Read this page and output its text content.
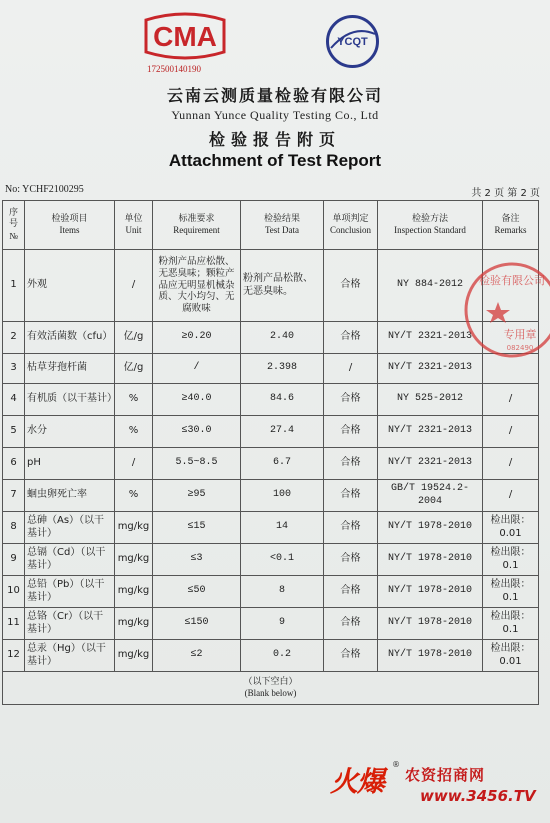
CMA
172500140190
YCQT
云南云测质量检验有限公司
Yunnan Yunce Quality Testing Co., Ltd
检验报告附页
Attachment of Test Report
No: YCHF2100295	共 2 页 第 2 页
序号
№	检验项目
Items	单位
Unit	标准要求
Requirement	检验结果
Test Data	单项判定
Conclusion	检验方法
Inspection Standard	备注
Remarks

1	外观	/	粉剂产品应松散、无恶臭味；颗粒产品应无明显机械杂质、大小均匀、无腐败味	粉剂产品松散、无恶臭味。	合格	NY 884-2012	
2	有效活菌数（cfu）	亿/g	≥0.20	2.40	合格	NY/T 2321-2013	
3	枯草芽孢杆菌	亿/g	/	2.398	/	NY/T 2321-2013	
4	有机质（以干基计）	%	≥40.0	84.6	合格	NY 525-2012	/
5	水分	%	≤30.0	27.4	合格	NY/T 2321-2013	/
6	pH	/	5.5~8.5	6.7	合格	NY/T 2321-2013	/
7	蛔虫卵死亡率	%	≥95	100	合格	GB/T 19524.2-2004	/
8	总砷（As）（以干基计）	mg/kg	≤15	14	合格	NY/T 1978-2010	检出限：0.01
9	总镉（Cd）（以干基计）	mg/kg	≤3	<0.1	合格	NY/T 1978-2010	检出限：0.1
10	总铅（Pb）（以干基计）	mg/kg	≤50	8	合格	NY/T 1978-2010	检出限：0.1
11	总铬（Cr）（以干基计）	mg/kg	≤150	9	合格	NY/T 1978-2010	检出限：0.1
12	总汞（Hg）（以干基计）	mg/kg	≤2	0.2	合格	NY/T 1978-2010	检出限：0.01

（以下空白）
(Blank below)							
检验有限公司
专用章
082490
火爆
®
农资招商网
www.3456.TV
